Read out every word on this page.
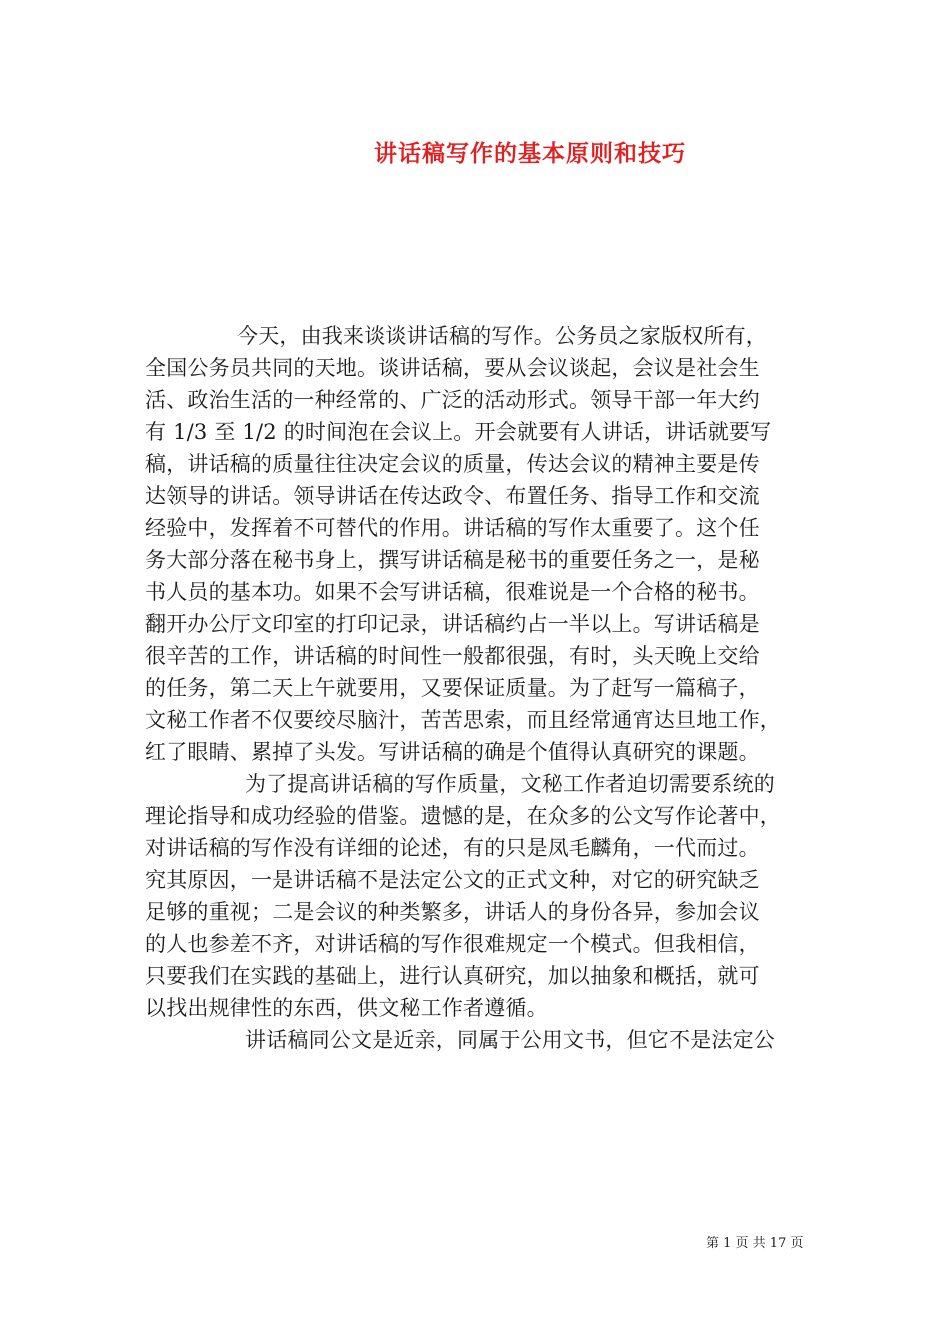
讲话稿写作的基本原则和技巧
今天，由我来谈谈讲话稿的写作。公务员之家版权所有，
全国公务员共同的天地。谈讲话稿，要从会议谈起，会议是社会生
活、政治生活的一种经常的、广泛的活动形式。领导干部一年大约
有 1/3 至 1/2 的时间泡在会议上。开会就要有人讲话，讲话就要写
稿，讲话稿的质量往往决定会议的质量，传达会议的精神主要是传
达领导的讲话。领导讲话在传达政令、布置任务、指导工作和交流
经验中，发挥着不可替代的作用。讲话稿的写作太重要了。这个任
务大部分落在秘书身上，撰写讲话稿是秘书的重要任务之一，是秘
书人员的基本功。如果不会写讲话稿，很难说是一个合格的秘书。
翻开办公厅文印室的打印记录，讲话稿约占一半以上。写讲话稿是
很辛苦的工作，讲话稿的时间性一般都很强，有时，头天晚上交给
的任务，第二天上午就要用，又要保证质量。为了赶写一篇稿子，
文秘工作者不仅要绞尽脑汁，苦苦思索，而且经常通宵达旦地工作，
红了眼睛、累掉了头发。写讲话稿的确是个值得认真研究的课题。
为了提高讲话稿的写作质量，文秘工作者迫切需要系统的
理论指导和成功经验的借鉴。遗憾的是，在众多的公文写作论著中，
对讲话稿的写作没有详细的论述，有的只是凤毛麟角，一代而过。
究其原因，一是讲话稿不是法定公文的正式文种，对它的研究缺乏
足够的重视；二是会议的种类繁多，讲话人的身份各异，参加会议
的人也参差不齐，对讲话稿的写作很难规定一个模式。但我相信，
只要我们在实践的基础上，进行认真研究，加以抽象和概括，就可
以找出规律性的东西，供文秘工作者遵循。
讲话稿同公文是近亲，同属于公用文书，但它不是法定公
第 1 页 共 17 页
